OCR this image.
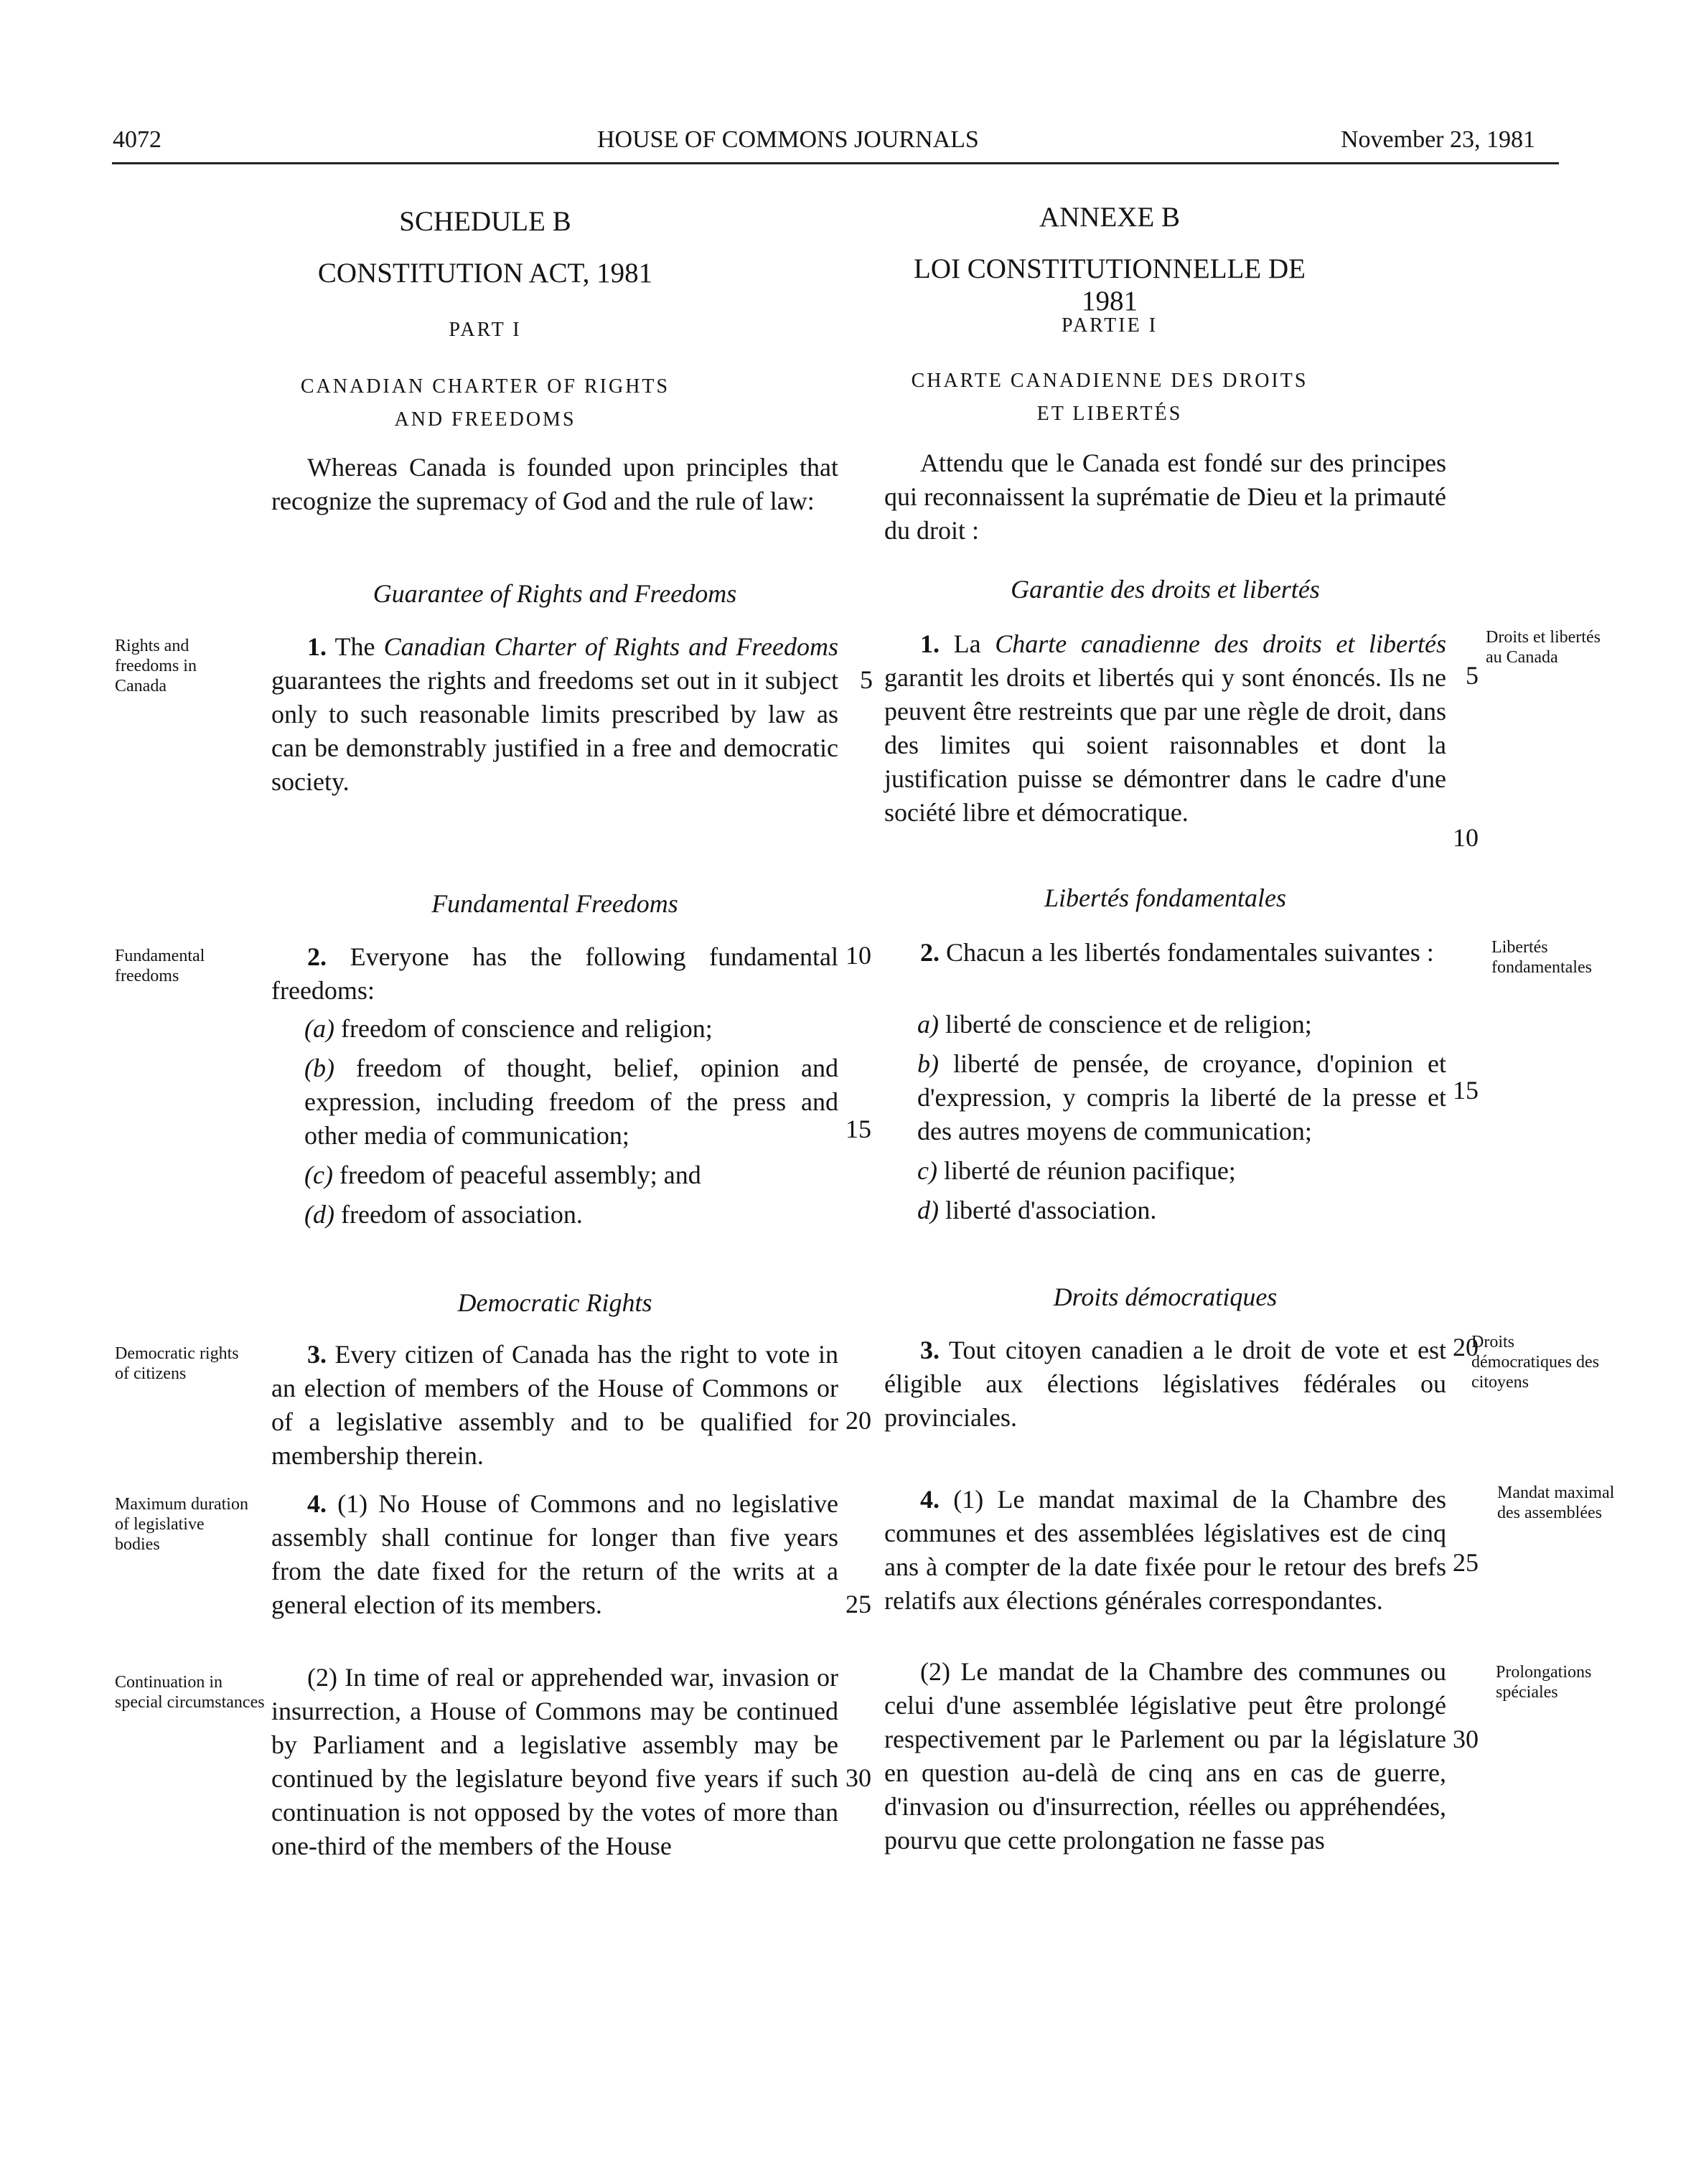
4072	HOUSE OF COMMONS JOURNALS	November 23, 1981
SCHEDULE B
CONSTITUTION ACT, 1981
PART I
CANADIAN CHARTER OF RIGHTS AND FREEDOMS
ANNEXE B
LOI CONSTITUTIONNELLE DE 1981
PARTIE I
CHARTE CANADIENNE DES DROITS ET LIBERTÉS
Whereas Canada is founded upon principles that recognize the supremacy of God and the rule of law:
Attendu que le Canada est fondé sur des principes qui reconnaissent la suprématie de Dieu et la primauté du droit :
Guarantee of Rights and Freedoms	Garantie des droits et libertés
1. The Canadian Charter of Rights and Freedoms guarantees the rights and freedoms set out in it subject only to such reasonable limits prescribed by law as can be demonstrably justified in a free and democratic society.
1. La Charte canadienne des droits et libertés garantit les droits et libertés qui y sont énoncés. Ils ne peuvent être restreints que par une règle de droit, dans des limites qui soient raisonnables et dont la justification puisse se démontrer dans le cadre d'une société libre et démocratique.
Fundamental Freedoms	Libertés fondamentales
2. Everyone has the following fundamental freedoms:
(a) freedom of conscience and religion;
(b) freedom of thought, belief, opinion and expression, including freedom of the press and other media of communication;
(c) freedom of peaceful assembly; and
(d) freedom of association.
2. Chacun a les libertés fondamentales suivantes :
a) liberté de conscience et de religion;
b) liberté de pensée, de croyance, d'opinion et d'expression, y compris la liberté de la presse et des autres moyens de communication;
c) liberté de réunion pacifique;
d) liberté d'association.
Democratic Rights	Droits démocratiques
3. Every citizen of Canada has the right to vote in an election of members of the House of Commons or of a legislative assembly and to be qualified for membership therein.
3. Tout citoyen canadien a le droit de vote et est éligible aux élections législatives fédérales ou provinciales.
4. (1) No House of Commons and no legislative assembly shall continue for longer than five years from the date fixed for the return of the writs at a general election of its members.
4. (1) Le mandat maximal de la Chambre des communes et des assemblées législatives est de cinq ans à compter de la date fixée pour le retour des brefs relatifs aux élections générales correspondantes.
(2) In time of real or apprehended war, invasion or insurrection, a House of Commons may be continued by Parliament and a legislative assembly may be continued by the legislature beyond five years if such continuation is not opposed by the votes of more than one-third of the members of the House
(2) Le mandat de la Chambre des communes ou celui d'une assemblée législative peut être prolongé respectivement par le Parlement ou par la législature en question au-delà de cinq ans en cas de guerre, d'invasion ou d'insurrection, réelles ou appréhendées, pourvu que cette prolongation ne fasse pas
Rights and freedoms in Canada
Fundamental freedoms
Democratic rights of citizens
Maximum duration of legislative bodies
Continuation in special circumstances
Droits et libertés au Canada
Libertés fondamentales
Droits démocratiques des citoyens
Mandat maximal des assemblées
Prolongations spéciales
5
10
15
20
25
30
5
10
15
20
25
30
